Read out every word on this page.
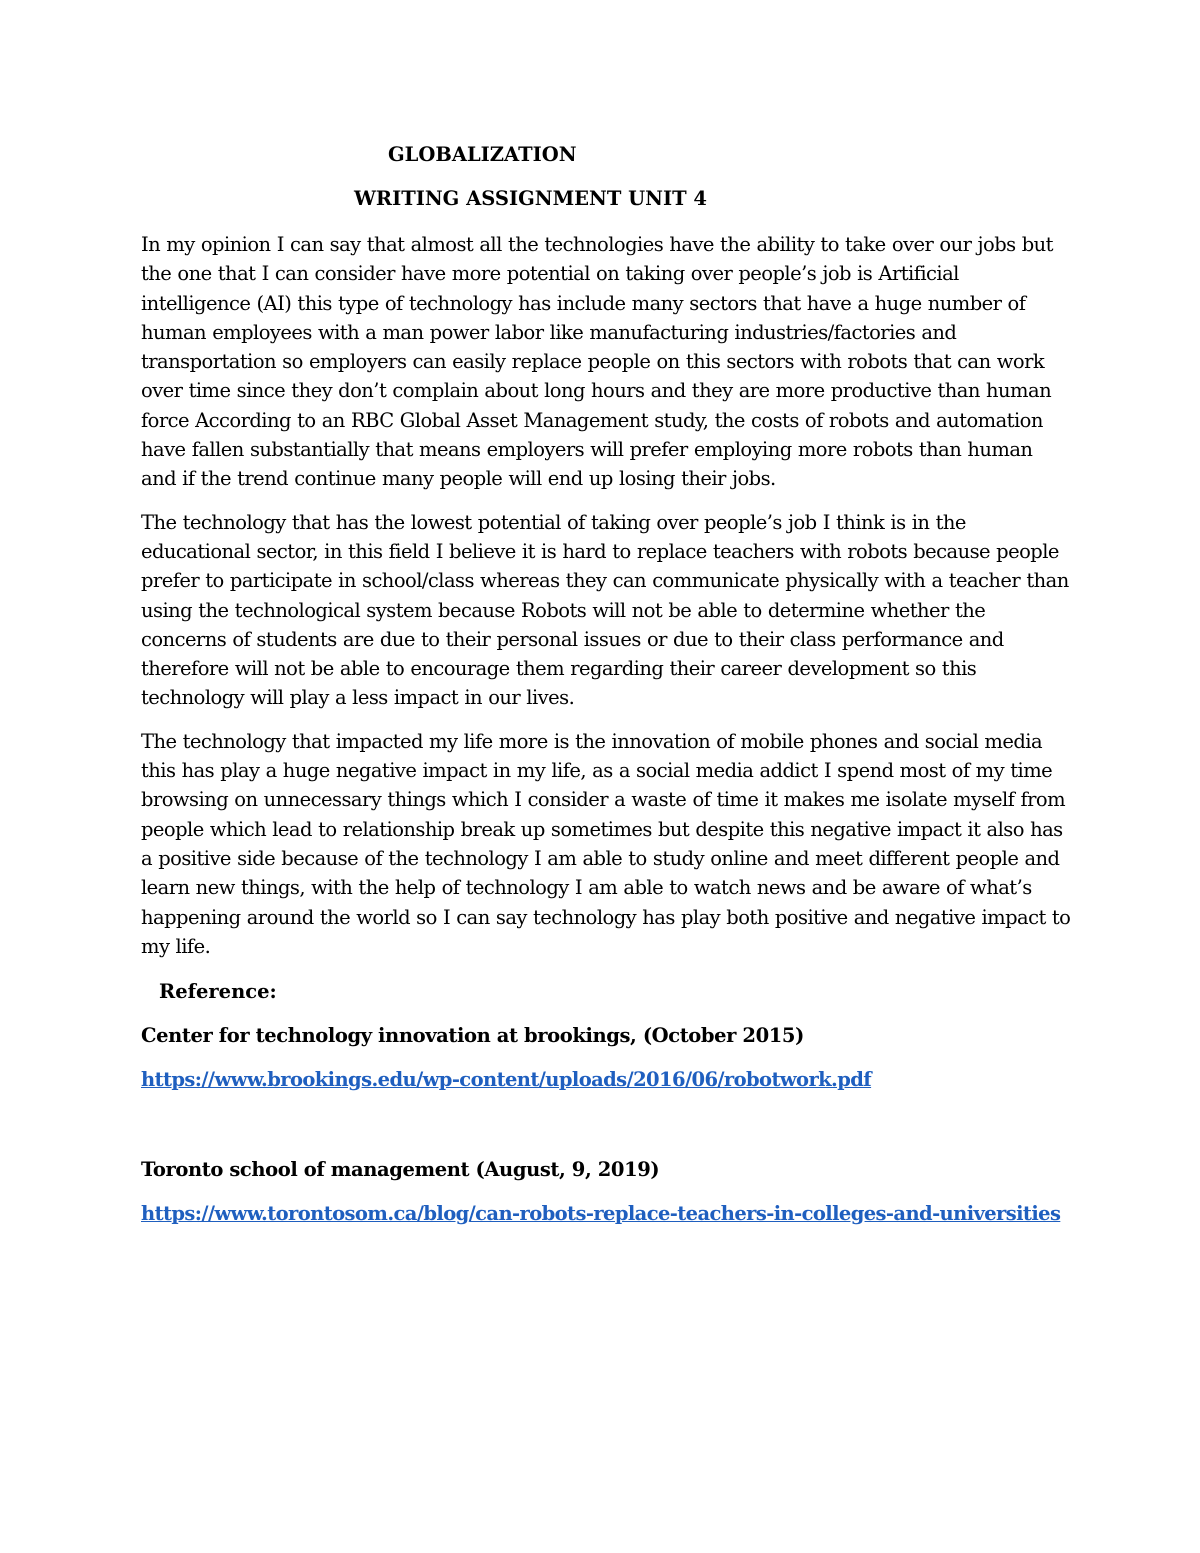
GLOBALIZATION

WRITING ASSIGNMENT UNIT 4

In my opinion I can say that almost all the technologies have the ability to take over our jobs but the one that I can consider have more potential on taking over people’s job is Artificial intelligence (AI) this type of technology has include many sectors that have a huge number of human employees with a man power labor like manufacturing industries/factories and transportation so employers can easily replace people on this sectors with robots that can work over time since they don’t complain about long hours and they are more productive than human force According to an RBC Global Asset Management study, the costs of robots and automation have fallen substantially that means employers will prefer employing more robots than human and if the trend continue many people will end up losing their jobs.

The technology that has the lowest potential of taking over people’s job I think is in the educational sector, in this field I believe it is hard to replace teachers with robots because people prefer to participate in school/class whereas they can communicate physically with a teacher than using the technological system because Robots will not be able to determine whether the concerns of students are due to their personal issues or due to their class performance and therefore will not be able to encourage them regarding their career development so this technology will play a less impact in our lives.

The technology that impacted my life more is the innovation of mobile phones and social media this has play a huge negative impact in my life, as a social media addict I spend most of my time browsing on unnecessary things which I consider a waste of time it makes me isolate myself from people which lead to relationship break up sometimes but despite this negative impact it also has a positive side because of the technology I am able to study online and meet different people and learn new things, with the help of technology I am able to watch news and be aware of what’s happening around the world so I can say technology has play both positive and negative impact to my life.

Reference:

Center for technology innovation at brookings, (October 2015)

https://www.brookings.edu/wp-content/uploads/2016/06/robotwork.pdf

Toronto school of management (August, 9, 2019)

https://www.torontosom.ca/blog/can-robots-replace-teachers-in-colleges-and-universities
